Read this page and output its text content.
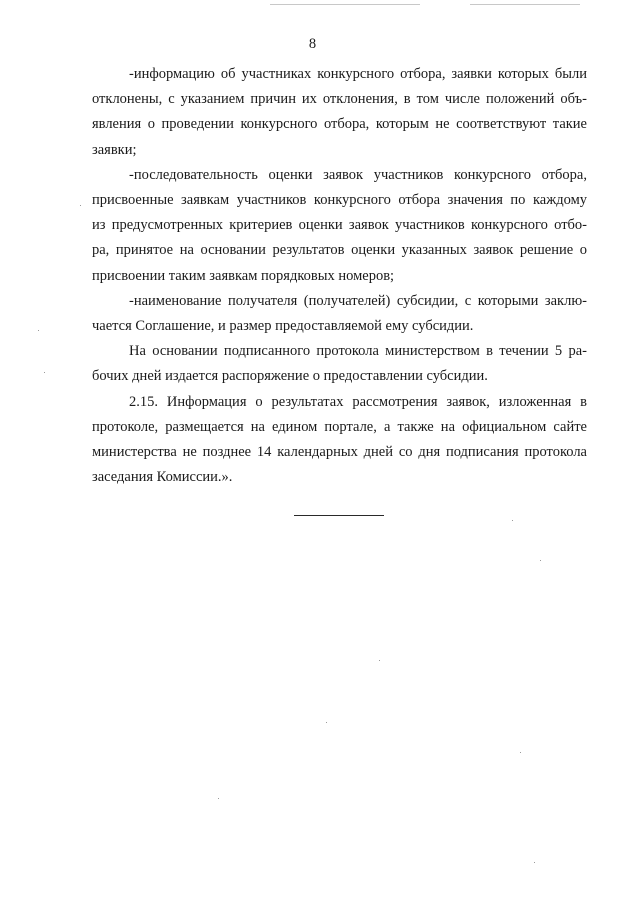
8

-информацию об участниках конкурсного отбора, заявки которых были
отклонены, с указанием причин их отклонения, в том числе положений объ-
явления о проведении конкурсного отбора, которым не соответствуют такие
заявки;

-последовательность оценки заявок участников конкурсного отбора,
присвоенные заявкам участников конкурсного отбора значения по каждому
из предусмотренных критериев оценки заявок участников конкурсного отбо-
ра, принятое на основании результатов оценки указанных заявок решение о
присвоении таким заявкам порядковых номеров;

-наименование получателя (получателей) субсидии, с которыми заклю-
чается Соглашение, и размер предоставляемой ему субсидии.

На основании подписанного протокола министерством в течении 5 ра-
бочих дней издается распоряжение о предоставлении субсидии.

2.15. Информация о результатах рассмотрения заявок, изложенная в
протоколе, размещается на едином портале, а также на официальном сайте
министерства не позднее 14 календарных дней со дня подписания протокола
заседания Комиссии.».
